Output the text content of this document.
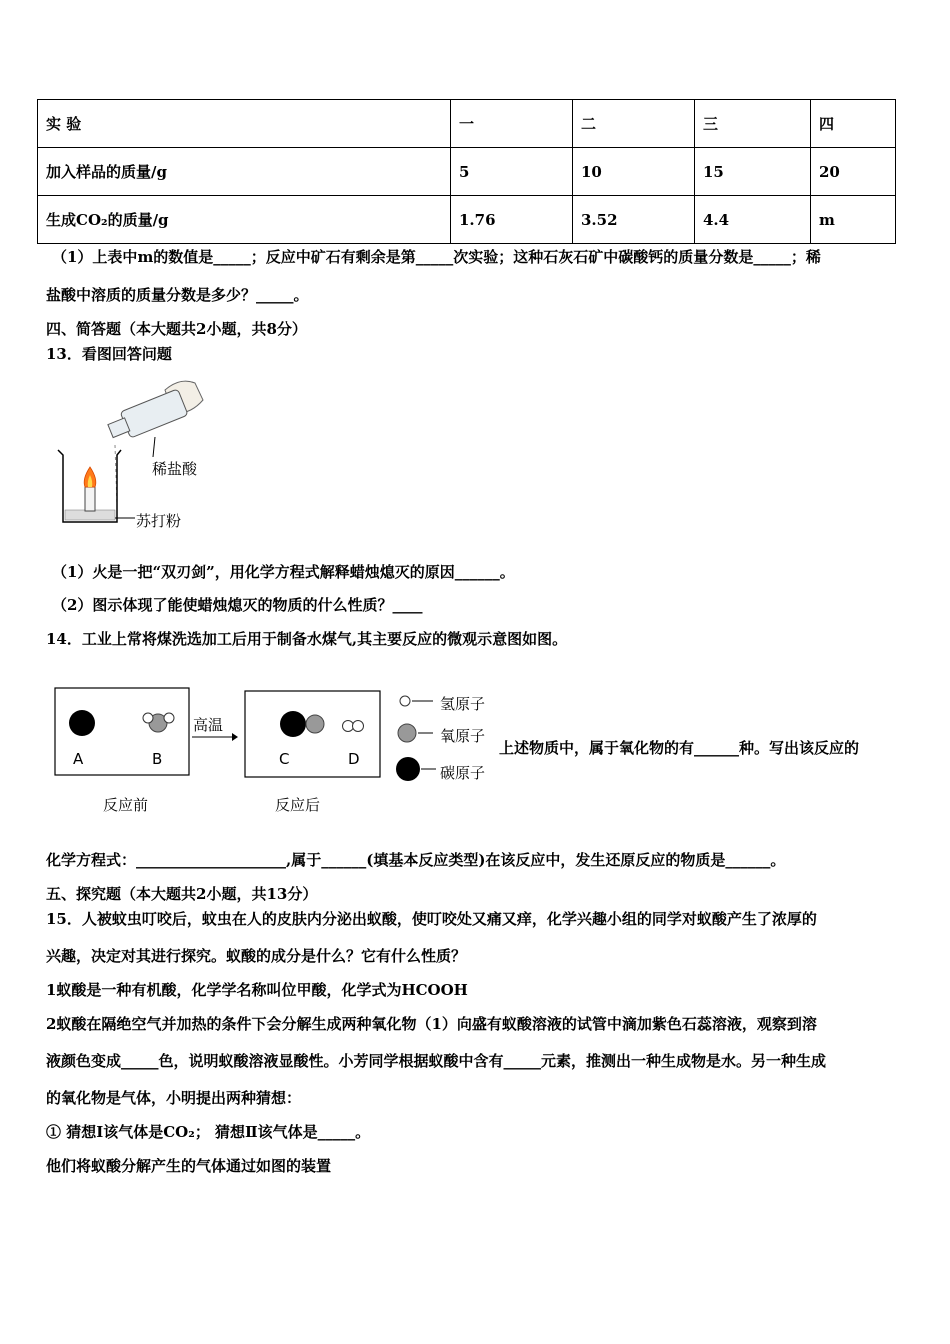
实 验	一	二	三	四
加入样品的质量/g	5	10	15	20
生成CO₂的质量/g	1.76	3.52	4.4	m
（1）上表中m的数值是_____；反应中矿石有剩余是第_____次实验；这种石灰石矿中碳酸钙的质量分数是_____；稀
盐酸中溶质的质量分数是多少？_____。
四、简答题（本大题共2小题，共8分）
13．看图回答问题
稀盐酸
苏打粉
（1）火是一把“双刃剑”，用化学方程式解释蜡烛熄灭的原因______。
（2）图示体现了能使蜡烛熄灭的物质的什么性质？____
14．工业上常将煤洗选加工后用于制备水煤气,其主要反应的微观示意图如图。
A	B	C	D
高温
氢原子
氧原子
碳原子
反应前	反应后
上述物质中，属于氧化物的有______种。写出该反应的
化学方程式：____________________,属于______(填基本反应类型)在该反应中，发生还原反应的物质是______。
五、探究题（本大题共2小题，共13分）
15．人被蚊虫叮咬后，蚊虫在人的皮肤内分泌出蚁酸，使叮咬处又痛又痒，化学兴趣小组的同学对蚁酸产生了浓厚的
兴趣，决定对其进行探究。蚁酸的成分是什么？它有什么性质？
1蚁酸是一种有机酸，化学学名称叫位甲酸，化学式为HCOOH
2蚁酸在隔绝空气并加热的条件下会分解生成两种氧化物（1）向盛有蚁酸溶液的试管中滴加紫色石蕊溶液，观察到溶
液颜色变成_____色，说明蚁酸溶液显酸性。小芳同学根据蚁酸中含有_____元素，推测出一种生成物是水。另一种生成
的氧化物是气体，小明提出两种猜想：
① 猜想Ⅰ该气体是CO₂； 猜想Ⅱ该气体是_____。
他们将蚁酸分解产生的气体通过如图的装置
